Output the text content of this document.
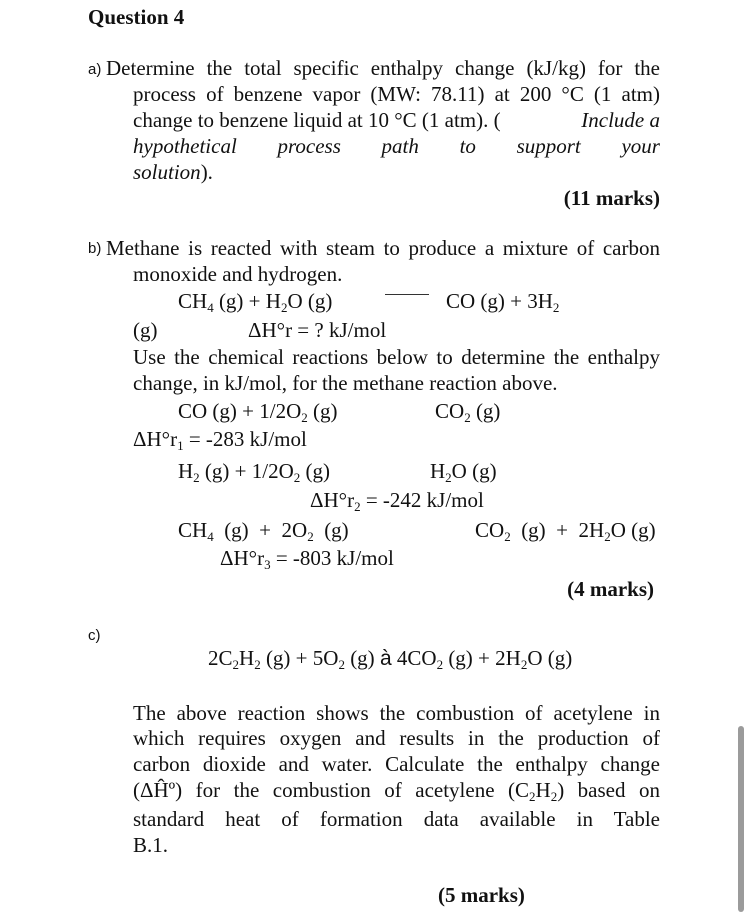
Question 4
a) Determine the total specific enthalpy change (kJ/kg) for the
process of benzene vapor (MW: 78.11) at 200 °C (1 atm)
change to benzene liquid at 10 °C (1 atm). (	Include a
hypothetical process path to support your
solution).
(11 marks)
b) Methane is reacted with steam to produce a mixture of carbon
monoxide and hydrogen.
$CH_4$ $(g) + H_2O$ (g)	CO $(g) + 3H_2$
(g)	ΔH°r = ? kJ/mol
Use the chemical reactions below to determine the enthalpy
change, in kJ/mol, for the methane reaction above.
CO $(g) + 1/2O_2$ (g)	$CO_2$ (g)
$\Delta H^\circ r_1 = -283$ kJ/mol
$H_2$ $(g) + 1/2O_2$ (g)	$H_2O$ (g)
$\Delta H^\circ r_2 = -242$ kJ/mol
$CH_4$  $(g) + 2O_2$  (g)	$CO_2$  $(g) + 2H_2O$ (g)
$\Delta H^\circ r_3 = -803$ kJ/mol
(4 marks)
c)
$2C_2H_2$ $(g) + 5O_2$ (g) à $4CO_2$ $(g) + 2H_2O$ (g)
The above reaction shows the combustion of acetylene in
which requires oxygen and results in the production of
carbon dioxide and water. Calculate the enthalpy change
(ΔĤº) for the combustion of acetylene $(C_2H_2)$ based on
standard heat of formation data available in Table
B.1.
(5 marks)
